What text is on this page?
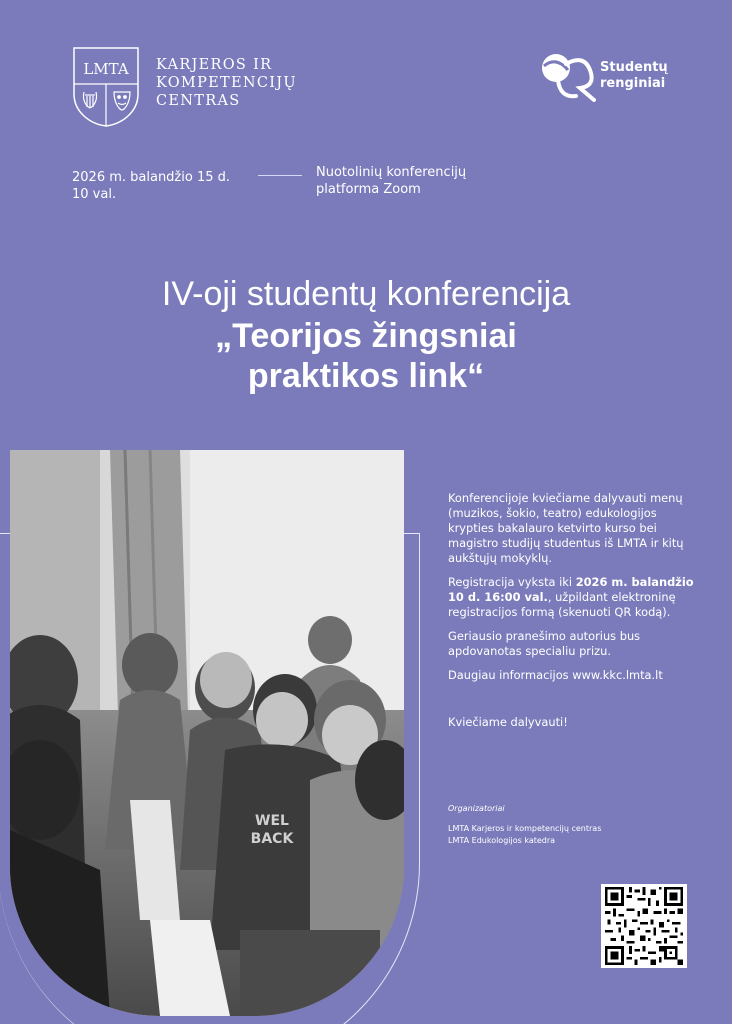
LMTA KARJEROS IR
KOMPETENCIJŲ
CENTRAS
Studentų
renginiai
2026 m. balandžio 15 d.
10 val.
Nuotolinių konferencijų
platforma Zoom
IV-oji studentų konferencija
„Teorijos žingsniai
praktikos link“
WEL
BACK

Konferencijoje kviečiame dalyvauti menų (muzikos, šokio, teatro) edukologijos krypties bakalauro ketvirto kurso bei magistro studijų studentus iš LMTA ir kitų aukštųjų mokyklų.

Registracija vyksta iki 2026 m. balandžio 10 d. 16:00 val., užpildant elektroninę registracijos formą (skenuoti QR kodą).

Geriausio pranešimo autorius bus apdovanotas specialiu prizu.

Daugiau informacijos www.kkc.lmta.lt

Kviečiame dalyvauti!

Organizatoriai
LMTA Karjeros ir kompetencijų centras
LMTA Edukologijos katedra
